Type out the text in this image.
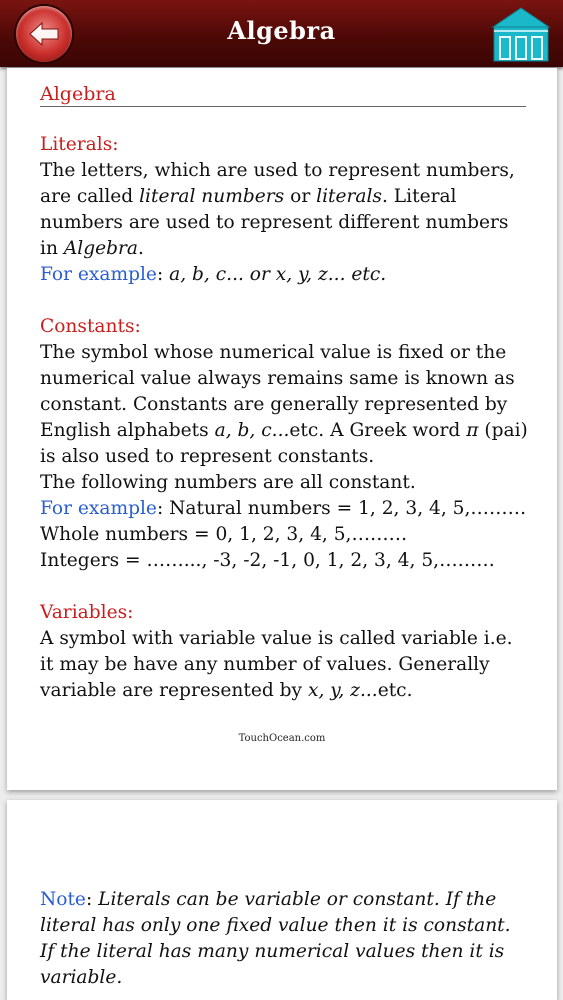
Algebra
Algebra

Literals:

The letters, which are used to represent numbers, are called literal numbers or literals. Literal numbers are used to represent different numbers in Algebra.

For example: a, b, c... or x, y, z... etc.

Constants:

The symbol whose numerical value is fixed or the numerical value always remains same is known as constant. Constants are generally represented by English alphabets a, b, c...etc. A Greek word π (pai) is also used to represent constants.

The following numbers are all constant.

For example: Natural numbers = 1, 2, 3, 4, 5,………

Whole numbers = 0, 1, 2, 3, 4, 5,………

Integers = ……..., -3, -2, -1, 0, 1, 2, 3, 4, 5,………

Variables:

A symbol with variable value is called variable i.e. it may be have any number of values. Generally variable are represented by x, y, z...etc.

TouchOcean.com

Note: Literals can be variable or constant. If the literal has only one fixed value then it is constant. If the literal has many numerical values then it is variable.
